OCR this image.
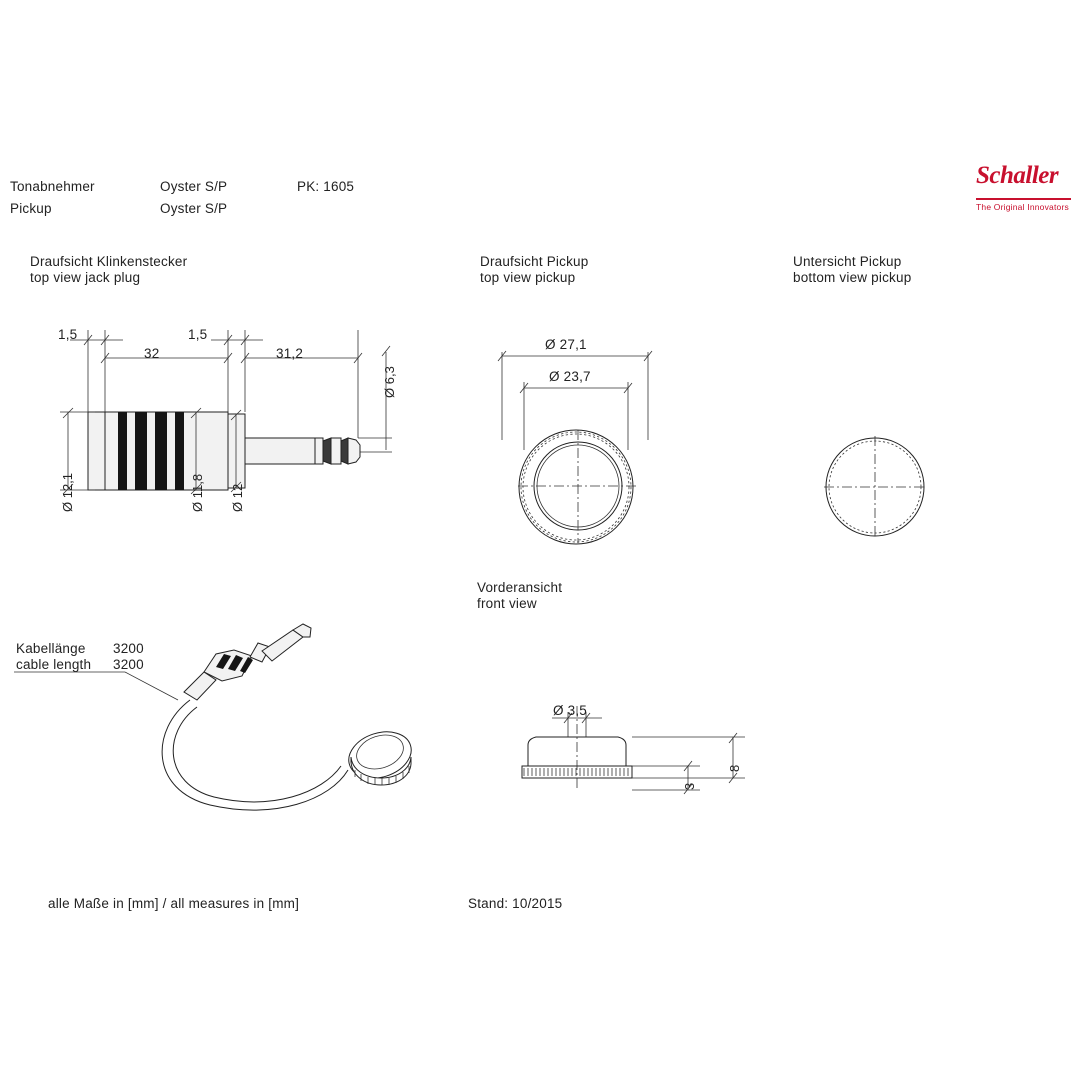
Tonabnehmer	Oyster S/P	PK: 1605
Pickup	Oyster S/P
Schaller
The Original Innovators
Draufsicht Klinkenstecker
top view jack plug
Draufsicht Pickup
top view pickup
Untersicht Pickup
bottom view pickup
Vorderansicht
front view
1,5
32
1,5
31,2
Ø 6,3
Ø 12,1	Ø 11,8 Ø 12
Ø 27,1
Ø 23,7
Ø 3,5
8
3
Kabellänge 3200
cable length 3200
alle Maße in [mm] / all measures in [mm]	Stand: 10/2015
